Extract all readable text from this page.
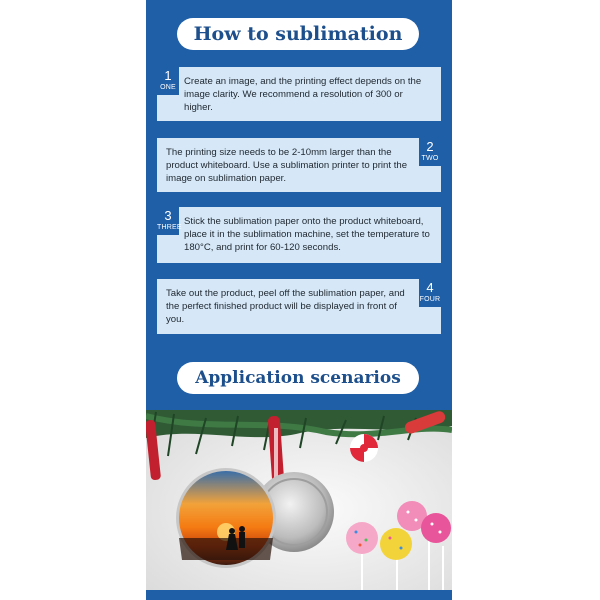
How to sublimation
1
ONE
Create an image, and the printing effect depends on the image clarity. We recommend a resolution of 300 or higher.
2
TWO
The printing size needs to be 2-10mm larger than the product whiteboard. Use a sublimation printer to print the image on sublimation paper.
3
THREE
Stick the sublimation paper onto the product whiteboard, place it in the sublimation machine, set the temperature to 180°C, and print for 60-120 seconds.
4
FOUR
Take out the product, peel off the sublimation paper, and the perfect finished product will be displayed in front of you.
Application scenarios
